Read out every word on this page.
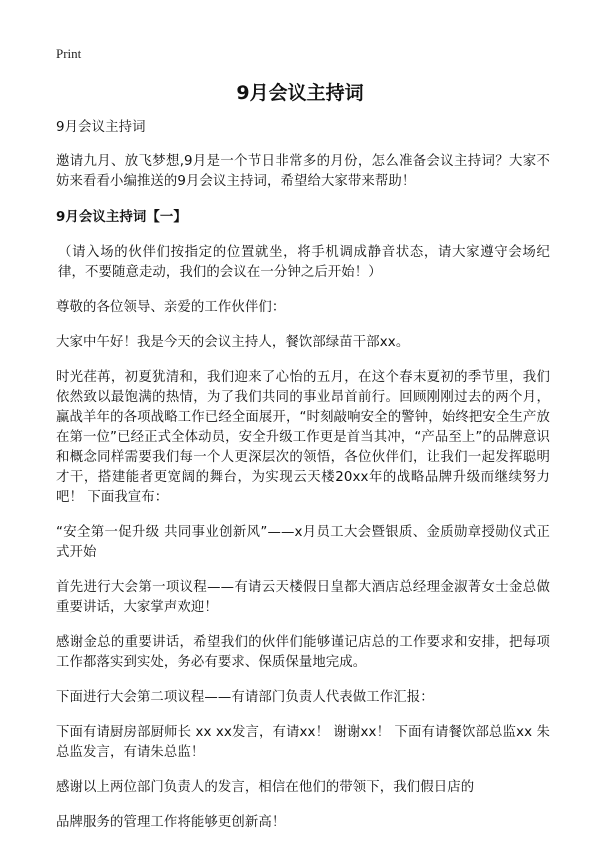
Print
9月会议主持词

9月会议主持词

邀请九月、放飞梦想,9月是一个节日非常多的月份，怎么准备会议主持词？大家不妨来看看小编推送的9月会议主持词，希望给大家带来帮助！

9月会议主持词【一】

（请入场的伙伴们按指定的位置就坐，将手机调成静音状态，请大家遵守会场纪律，不要随意走动，我们的会议在一分钟之后开始！）

尊敬的各位领导、亲爱的工作伙伴们：

大家中午好！我是今天的会议主持人，餐饮部绿苗干部xx。

时光荏苒，初夏犹清和，我们迎来了心怡的五月，在这个春末夏初的季节里，我们依然致以最饱满的热情，为了我们共同的事业昂首前行。回顾刚刚过去的两个月，赢战羊年的各项战略工作已经全面展开，“时刻敲响安全的警钟，始终把安全生产放在第一位”已经正式全体动员，安全升级工作更是首当其冲，“产品至上”的品牌意识和概念同样需要我们每一个人更深层次的领悟，各位伙伴们，让我们一起发挥聪明才干，搭建能者更宽阔的舞台，为实现云天楼20xx年的战略品牌升级而继续努力吧！ 下面我宣布：

“安全第一促升级 共同事业创新风”——x月员工大会暨银质、金质勋章授勋仪式正式开始

首先进行大会第一项议程——有请云天楼假日皇都大酒店总经理金淑菁女士金总做重要讲话，大家掌声欢迎！

感谢金总的重要讲话，希望我们的伙伴们能够谨记店总的工作要求和安排，把每项工作都落实到实处，务必有要求、保质保量地完成。

下面进行大会第二项议程——有请部门负责人代表做工作汇报：

下面有请厨房部厨师长 xx xx发言，有请xx！ 谢谢xx！ 下面有请餐饮部总监xx 朱总监发言，有请朱总监！

感谢以上两位部门负责人的发言，相信在他们的带领下，我们假日店的

品牌服务的管理工作将能够更创新高！
